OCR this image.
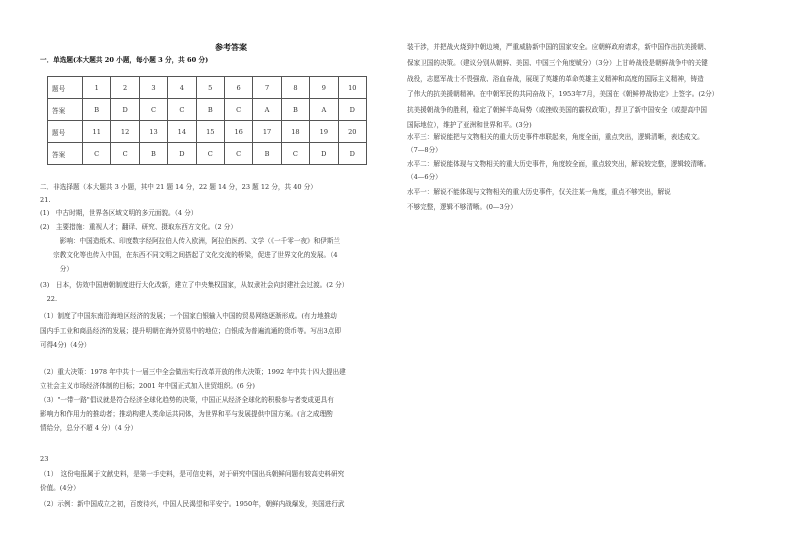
参考答案
一．单选题(本大题共 20 小题，每小题 3 分，共 60 分)
题号	1	2	3	4	5	6	7	8	9	10
答案	B	D	C	C	B	C	A	B	A	D
题号	11	12	13	14	15	16	17	18	19	20
答案	C	C	B	D	C	C	B	C	D	D
二．非选择题（本大题共 3 小题，其中 21 题 14 分，22 题 14 分，23 题 12 分，共 40 分）
21.
(1)　中古时期，世界各区域文明的多元面貌。（4 分）
(2)　主要措施：重视人才；翻译、研究、摄取东西方文化。（2 分）
　　　影响：中国造纸术、印度数字经阿拉伯人传入欧洲，阿拉伯医药、文学（《一千零一夜》和伊斯兰
　　宗教文化等也传入中国，在东西不同文明之间搭起了文化交流的桥梁，促进了世界文化的发展。（4
　　　分）
(3)　日本，仿效中国唐朝制度进行大化改新，建立了中央集权国家，从奴隶社会向封建社会过渡。(2 分）
　22.
（1）制度了中国东南沿海地区经济的发展；一个国家白银输入中国的贸易网络逐渐形成。(有力地推动
国内手工业和商品经济的发展；提升明朝在海外贸易中的地位；白银成为普遍流通的货币等。写出3点即
可得4分)（4分）
（2）重大决策：1978 年中共十一届三中全会做出实行改革开放的伟大决策；1992 年中共十四大提出建
立社会主义市场经济体制的目标；2001 年中国正式加入世贸组织。(6 分)
（3）"一带一路"倡议就是符合经济全球化趋势的决策，中国正从经济全球化的积极参与者变成更具有
影响力和作用力的推动者；推动构建人类命运共同体，为世界和平与发展提供中国方案。(言之成理酌
情给分，总分不超 4 分）（4 分）
23
（1）　这份电报属于文献史料，是第一手史料，是可信史料，对于研究中国出兵朝鲜问题有较高史料研究
价值。(4分）
（2）示例：新中国成立之初，百废待兴，中国人民渴望和平安宁。1950年，朝鲜内战爆发，美国进行武
装干涉，并把战火烧到中朝边境，严重威胁新中国的国家安全。应朝鲜政府请求，新中国作出抗美援朝、
保家卫国的决策。（建议分别从朝鲜、美国、中国三个角度赋分）（3分）上甘岭战役是朝鲜战争中的关键
战役，志愿军战士不畏强敌、浴血奋战，展现了英雄的革命英雄主义精神和高度的国际主义精神，铸造
了伟大的抗美援朝精神。在中朝军民的共同奋战下，1953年7月，美国在《朝鲜停战协定》上签字。(2分）
抗美援朝战争的胜利，稳定了朝鲜半岛局势（或挫败美国的霸权政策），捍卫了新中国安全（或提高中国
国际地位），维护了亚洲和世界和平。(3分)
水平三：解说能把与文物相关的重大历史事件串联起来，角度全面，重点突出，逻辑清晰，表述成文。
（7—8分）
水平二：解说能体现与文物相关的重大历史事件，角度较全面，重点较突出，解说较完整，逻辑较清晰。
（4—6分）
水平一：解说不能体现与文物相关的重大历史事件，仅关注某一角度，重点不够突出，解说
不够完整，逻辑不够清晰。(0—3分）
